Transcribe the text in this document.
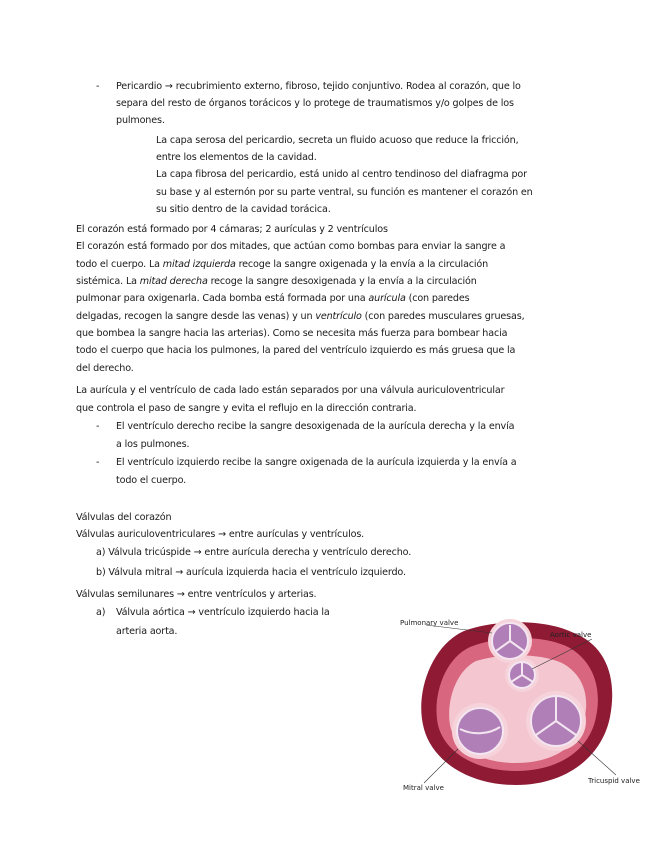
- Pericardio → recubrimiento externo, fibroso, tejido conjuntivo. Rodea al corazón, que lo
separa del resto de órganos torácicos y lo protege de traumatismos y/o golpes de los
pulmones.
La capa serosa del pericardio, secreta un fluido acuoso que reduce la fricción,
entre los elementos de la cavidad.
La capa fibrosa del pericardio, está unido al centro tendinoso del diafragma por
su base y al esternón por su parte ventral, su función es mantener el corazón en
su sitio dentro de la cavidad torácica.
El corazón está formado por 4 cámaras; 2 aurículas y 2 ventrículos
El corazón está formado por dos mitades, que actúan como bombas para enviar la sangre a
todo el cuerpo. La mitad izquierda recoge la sangre oxigenada y la envía a la circulación
sistémica. La mitad derecha recoge la sangre desoxigenada y la envía a la circulación
pulmonar para oxigenarla. Cada bomba está formada por una aurícula (con paredes
delgadas, recogen la sangre desde las venas) y un ventrículo (con paredes musculares gruesas,
que bombea la sangre hacia las arterias). Como se necesita más fuerza para bombear hacia
todo el cuerpo que hacia los pulmones, la pared del ventrículo izquierdo es más gruesa que la
del derecho.
La aurícula y el ventrículo de cada lado están separados por una válvula auriculoventricular
que controla el paso de sangre y evita el reflujo en la dirección contraria.
- El ventrículo derecho recibe la sangre desoxigenada de la aurícula derecha y la envía
a los pulmones.
- El ventrículo izquierdo recibe la sangre oxigenada de la aurícula izquierda y la envía a
todo el cuerpo.
Válvulas del corazón
Válvulas auriculoventriculares → entre aurículas y ventrículos.
a) Válvula tricúspide → entre aurícula derecha y ventrículo derecho.
b) Válvula mitral → aurícula izquierda hacia el ventrículo izquierdo.
Válvulas semilunares → entre ventrículos y arterias.
a) Válvula aórtica → ventrículo izquierdo hacia la
arteria aorta.
Pulmonary valve
Aortic valve
Mitral valve
Tricuspid valve
